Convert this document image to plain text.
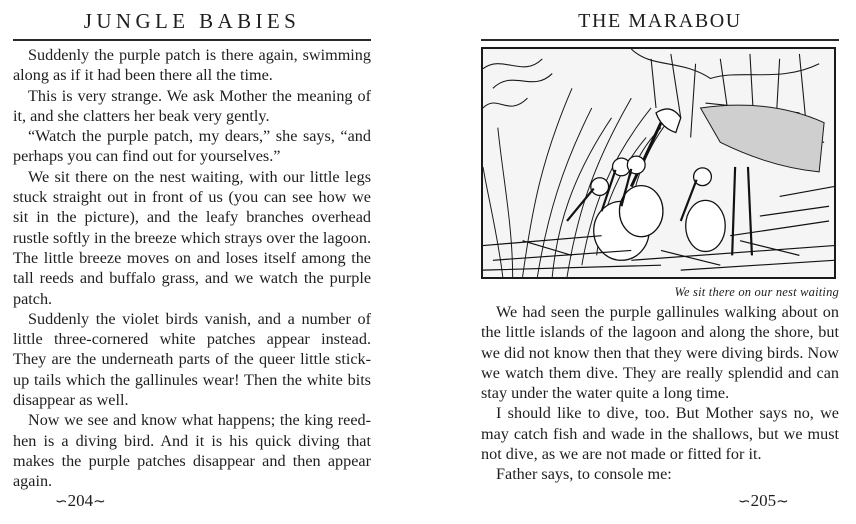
JUNGLE BABIES

Suddenly the purple patch is there again, swimming along as if it had been there all the time.

This is very strange. We ask Mother the meaning of it, and she clatters her beak very gently.

“Watch the purple patch, my dears,” she says, “and perhaps you can find out for yourselves.”

We sit there on the nest waiting, with our little legs stuck straight out in front of us (you can see how we sit in the picture), and the leafy branches overhead rustle softly in the breeze which strays over the lagoon. The little breeze moves on and loses itself among the tall reeds and buffalo grass, and we watch the purple patch.

Suddenly the violet birds vanish, and a number of little three-cornered white patches appear instead. They are the underneath parts of the queer little stick-up tails which the gallinules wear! Then the white bits disappear as well.

Now we see and know what happens; the king reed-hen is a diving bird. And it is his quick diving that makes the purple patches disappear and then appear again.

∽204∼
THE MARABOU
We sit there on our nest waiting

We had seen the purple gallinules walking about on the little islands of the lagoon and along the shore, but we did not know then that they were diving birds. Now we watch them dive. They are really splendid and can stay under the water quite a long time.

I should like to dive, too. But Mother says no, we may catch fish and wade in the shallows, but we must not dive, as we are not made or fitted for it.

Father says, to console me:

∽205∼
